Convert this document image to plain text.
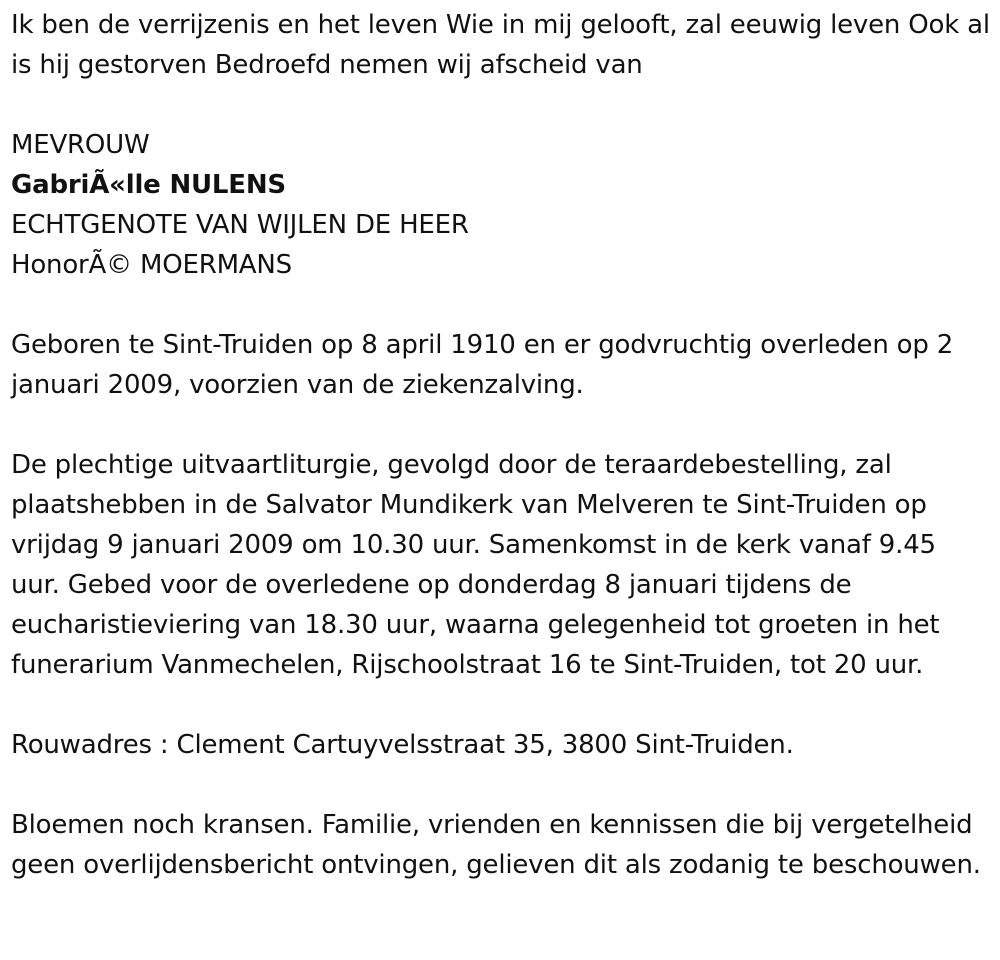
Ik ben de verrijzenis en het leven Wie in mij gelooft, zal eeuwig leven Ook al is hij gestorven Bedroefd nemen wij afscheid van

MEVROUW

GabriÃ«lle NULENS

ECHTGENOTE VAN WIJLEN DE HEER

HonorÃ© MOERMANS

Geboren te Sint-Truiden op 8 april 1910 en er godvruchtig overleden op 2 januari 2009, voorzien van de ziekenzalving.

De plechtige uitvaartliturgie, gevolgd door de teraardebestelling, zal plaatshebben in de Salvator Mundikerk van Melveren te Sint-Truiden op vrijdag 9 januari 2009 om 10.30 uur. Samenkomst in de kerk vanaf 9.45 uur. Gebed voor de overledene op donderdag 8 januari tijdens de eucharistieviering van 18.30 uur, waarna gelegenheid tot groeten in het funerarium Vanmechelen, Rijschoolstraat 16 te Sint-Truiden, tot 20 uur.

Rouwadres : Clement Cartuyvelsstraat 35, 3800 Sint-Truiden.

Bloemen noch kransen. Familie, vrienden en kennissen die bij vergetelheid geen overlijdensbericht ontvingen, gelieven dit als zodanig te beschouwen.
